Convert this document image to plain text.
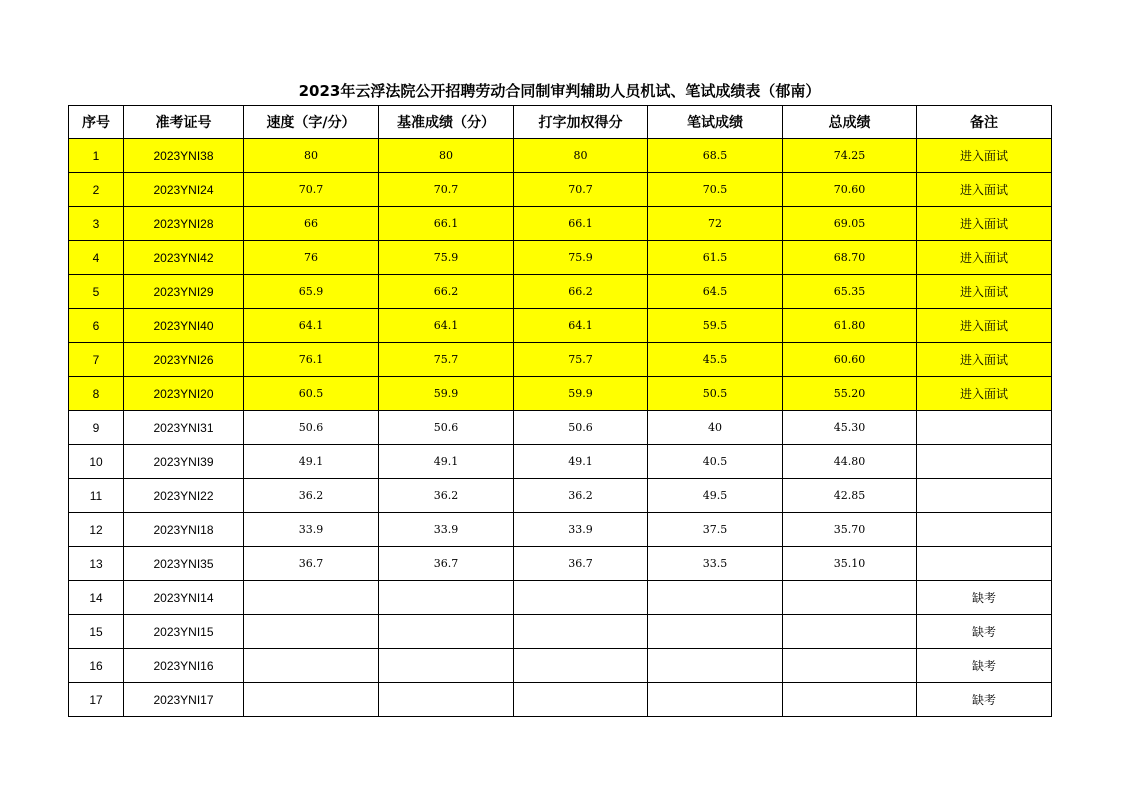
2023年云浮法院公开招聘劳动合同制审判辅助人员机试、笔试成绩表（郁南）
序号	准考证号	速度（字/分）	基准成绩（分）	打字加权得分	笔试成绩	总成绩	备注
1	2023YNI38	80	80	80	68.5	74.25	进入面试
2	2023YNI24	70.7	70.7	70.7	70.5	70.60	进入面试
3	2023YNI28	66	66.1	66.1	72	69.05	进入面试
4	2023YNI42	76	75.9	75.9	61.5	68.70	进入面试
5	2023YNI29	65.9	66.2	66.2	64.5	65.35	进入面试
6	2023YNI40	64.1	64.1	64.1	59.5	61.80	进入面试
7	2023YNI26	76.1	75.7	75.7	45.5	60.60	进入面试
8	2023YNI20	60.5	59.9	59.9	50.5	55.20	进入面试
9	2023YNI31	50.6	50.6	50.6	40	45.30	
10	2023YNI39	49.1	49.1	49.1	40.5	44.80	
11	2023YNI22	36.2	36.2	36.2	49.5	42.85	
12	2023YNI18	33.9	33.9	33.9	37.5	35.70	
13	2023YNI35	36.7	36.7	36.7	33.5	35.10	
14	2023YNI14						缺考
15	2023YNI15						缺考
16	2023YNI16						缺考
17	2023YNI17						缺考
